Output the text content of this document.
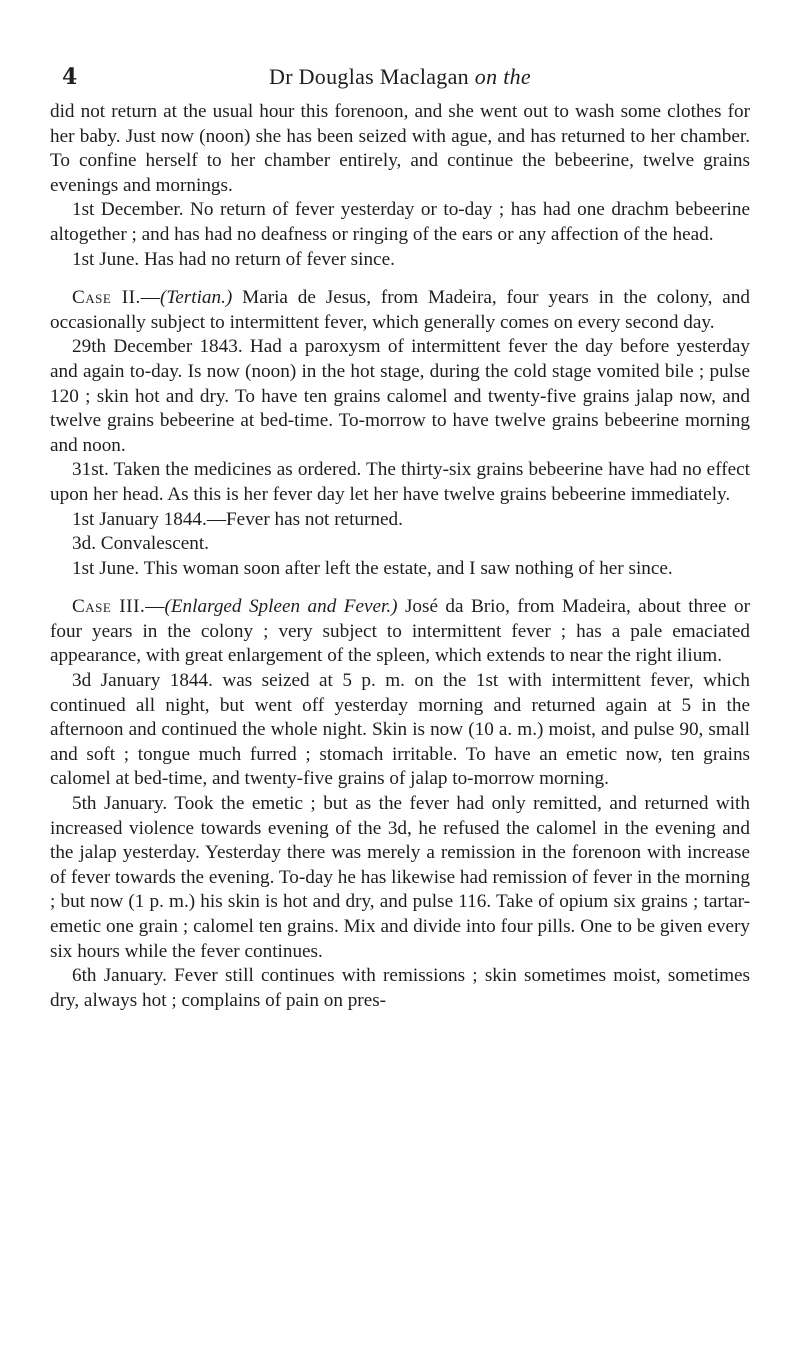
4	Dr Douglas Maclagan on the

did not return at the usual hour this forenoon, and she went out to wash some clothes for her baby. Just now (noon) she has been seized with ague, and has returned to her chamber. To confine herself to her chamber entirely, and continue the bebeerine, twelve grains evenings and mornings.

1st December. No return of fever yesterday or to-day ; has had one drachm bebeerine altogether ; and has had no deafness or ringing of the ears or any affection of the head.

1st June. Has had no return of fever since.

Case II.—(Tertian.) Maria de Jesus, from Madeira, four years in the colony, and occasionally subject to intermittent fever, which generally comes on every second day.

29th December 1843. Had a paroxysm of intermittent fever the day before yesterday and again to-day. Is now (noon) in the hot stage, during the cold stage vomited bile ; pulse 120 ; skin hot and dry. To have ten grains calomel and twenty-five grains jalap now, and twelve grains bebeerine at bed-time. To-morrow to have twelve grains bebeerine morning and noon.

31st. Taken the medicines as ordered. The thirty-six grains bebeerine have had no effect upon her head. As this is her fever day let her have twelve grains bebeerine immediately.

1st January 1844.—Fever has not returned.

3d. Convalescent.

1st June. This woman soon after left the estate, and I saw nothing of her since.

Case III.—(Enlarged Spleen and Fever.) José da Brio, from Madeira, about three or four years in the colony ; very subject to intermittent fever ; has a pale emaciated appearance, with great enlargement of the spleen, which extends to near the right ilium.

3d January 1844. was seized at 5 p. m. on the 1st with intermittent fever, which continued all night, but went off yesterday morning and returned again at 5 in the afternoon and continued the whole night. Skin is now (10 a. m.) moist, and pulse 90, small and soft ; tongue much furred ; stomach irritable. To have an emetic now, ten grains calomel at bed-time, and twenty-five grains of jalap to-morrow morning.

5th January. Took the emetic ; but as the fever had only remitted, and returned with increased violence towards evening of the 3d, he refused the calomel in the evening and the jalap yesterday. Yesterday there was merely a remission in the forenoon with increase of fever towards the evening. To-day he has likewise had remission of fever in the morning ; but now (1 p. m.) his skin is hot and dry, and pulse 116. Take of opium six grains ; tartar-emetic one grain ; calomel ten grains. Mix and divide into four pills. One to be given every six hours while the fever continues.

6th January. Fever still continues with remissions ; skin sometimes moist, sometimes dry, always hot ; complains of pain on pres-
